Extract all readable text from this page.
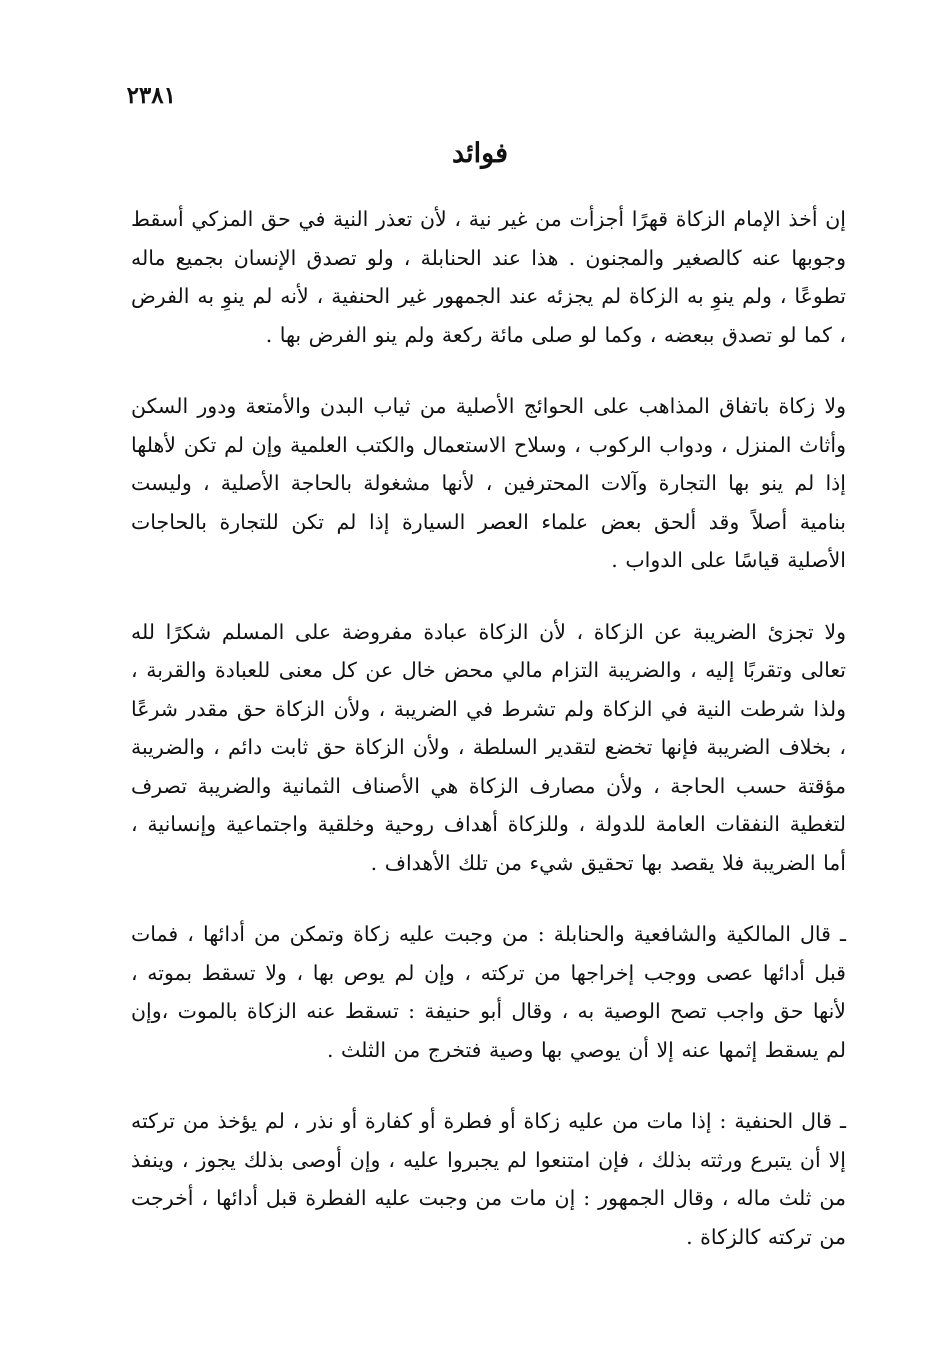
٢٣٨١
فوائد

إن أخذ الإمام الزكاة قهرًا أجزأت من غير نية ، لأن تعذر النية في حق المزكي أسقط وجوبها عنه كالصغير والمجنون . هذا عند الحنابلة ، ولو تصدق الإنسان بجميع ماله تطوعًا ، ولم ينوِ به الزكاة لم يجزئه عند الجمهور غير الحنفية ، لأنه لم ينوِ به الفرض ، كما لو تصدق ببعضه ، وكما لو صلى مائة ركعة ولم ينو الفرض بها .

ولا زكاة باتفاق المذاهب على الحوائج الأصلية من ثياب البدن والأمتعة ودور السكن وأثاث المنزل ، ودواب الركوب ، وسلاح الاستعمال والكتب العلمية وإن لم تكن لأهلها إذا لم ينو بها التجارة وآلات المحترفين ، لأنها مشغولة بالحاجة الأصلية ، وليست بنامية أصلاً وقد ألحق بعض علماء العصر السيارة إذا لم تكن للتجارة بالحاجات الأصلية قياسًا على الدواب .

ولا تجزئ الضريبة عن الزكاة ، لأن الزكاة عبادة مفروضة على المسلم شكرًا لله تعالى وتقربًا إليه ، والضريبة التزام مالي محض خال عن كل معنى للعبادة والقربة ، ولذا شرطت النية في الزكاة ولم تشرط في الضريبة ، ولأن الزكاة حق مقدر شرعًا ، بخلاف الضريبة فإنها تخضع لتقدير السلطة ، ولأن الزكاة حق ثابت دائم ، والضريبة مؤقتة حسب الحاجة ، ولأن مصارف الزكاة هي الأصناف الثمانية والضريبة تصرف لتغطية النفقات العامة للدولة ، وللزكاة أهداف روحية وخلقية واجتماعية وإنسانية ، أما الضريبة فلا يقصد بها تحقيق شيء من تلك الأهداف .

ـ قال المالكية والشافعية والحنابلة : من وجبت عليه زكاة وتمكن من أدائها ، فمات قبل أدائها عصى ووجب إخراجها من تركته ، وإن لم يوص بها ، ولا تسقط بموته ، لأنها حق واجب تصح الوصية به ، وقال أبو حنيفة : تسقط عنه الزكاة بالموت ،وإن لم يسقط إثمها عنه إلا أن يوصي بها وصية فتخرج من الثلث .

ـ قال الحنفية : إذا مات من عليه زكاة أو فطرة أو كفارة أو نذر ، لم يؤخذ من تركته إلا أن يتبرع ورثته بذلك ، فإن امتنعوا لم يجبروا عليه ، وإن أوصى بذلك يجوز ، وينفذ من ثلث ماله ، وقال الجمهور : إن مات من وجبت عليه الفطرة قبل أدائها ، أخرجت من تركته كالزكاة .
